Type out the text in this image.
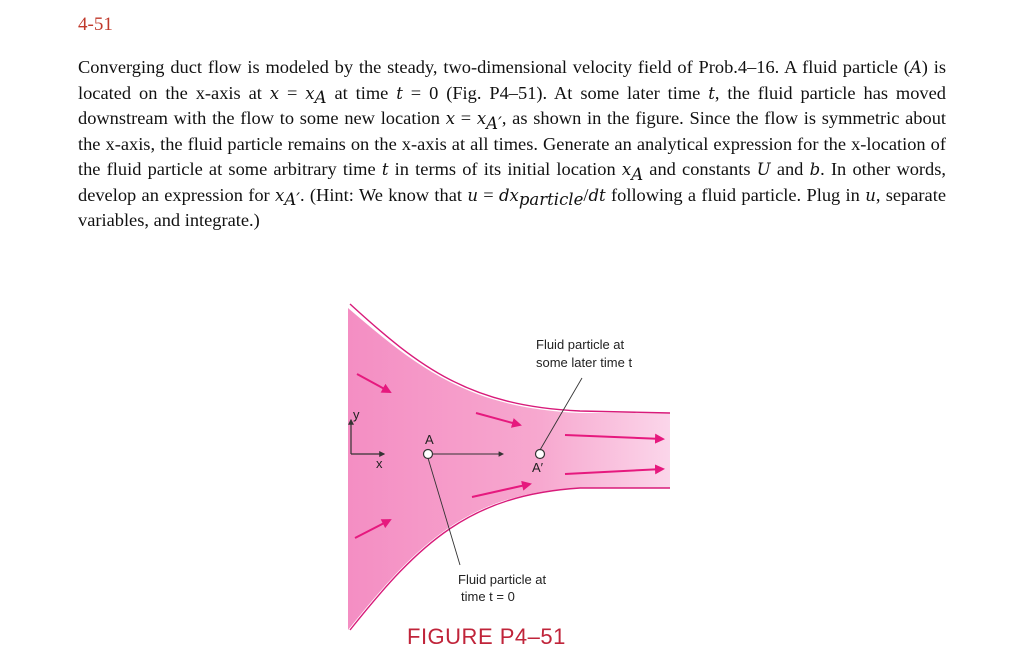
4-51

Converging duct flow is modeled by the steady, two-dimensional velocity field of Prob.4–16. A fluid particle (A) is located on the x-axis at $x = x_A$ at time t = 0 (Fig. P4–51). At some later time t, the fluid particle has moved downstream with the flow to some new location $x = x_{A'}$, as shown in the figure. Since the flow is symmetric about the x-axis, the fluid particle remains on the x-axis at all times. Generate an analytical expression for the x-location of the fluid particle at some arbitrary time t in terms of its initial location $x_A$ and constants U and b. In other words, develop an expression for $x_{A'}$. (Hint: We know that $u = dx_{particle}/dt$ following a fluid particle. Plug in u, separate variables, and integrate.)

y
x
A
A′
Fluid particle at
some later time t
Fluid particle at
time t = 0
FIGURE P4–51
